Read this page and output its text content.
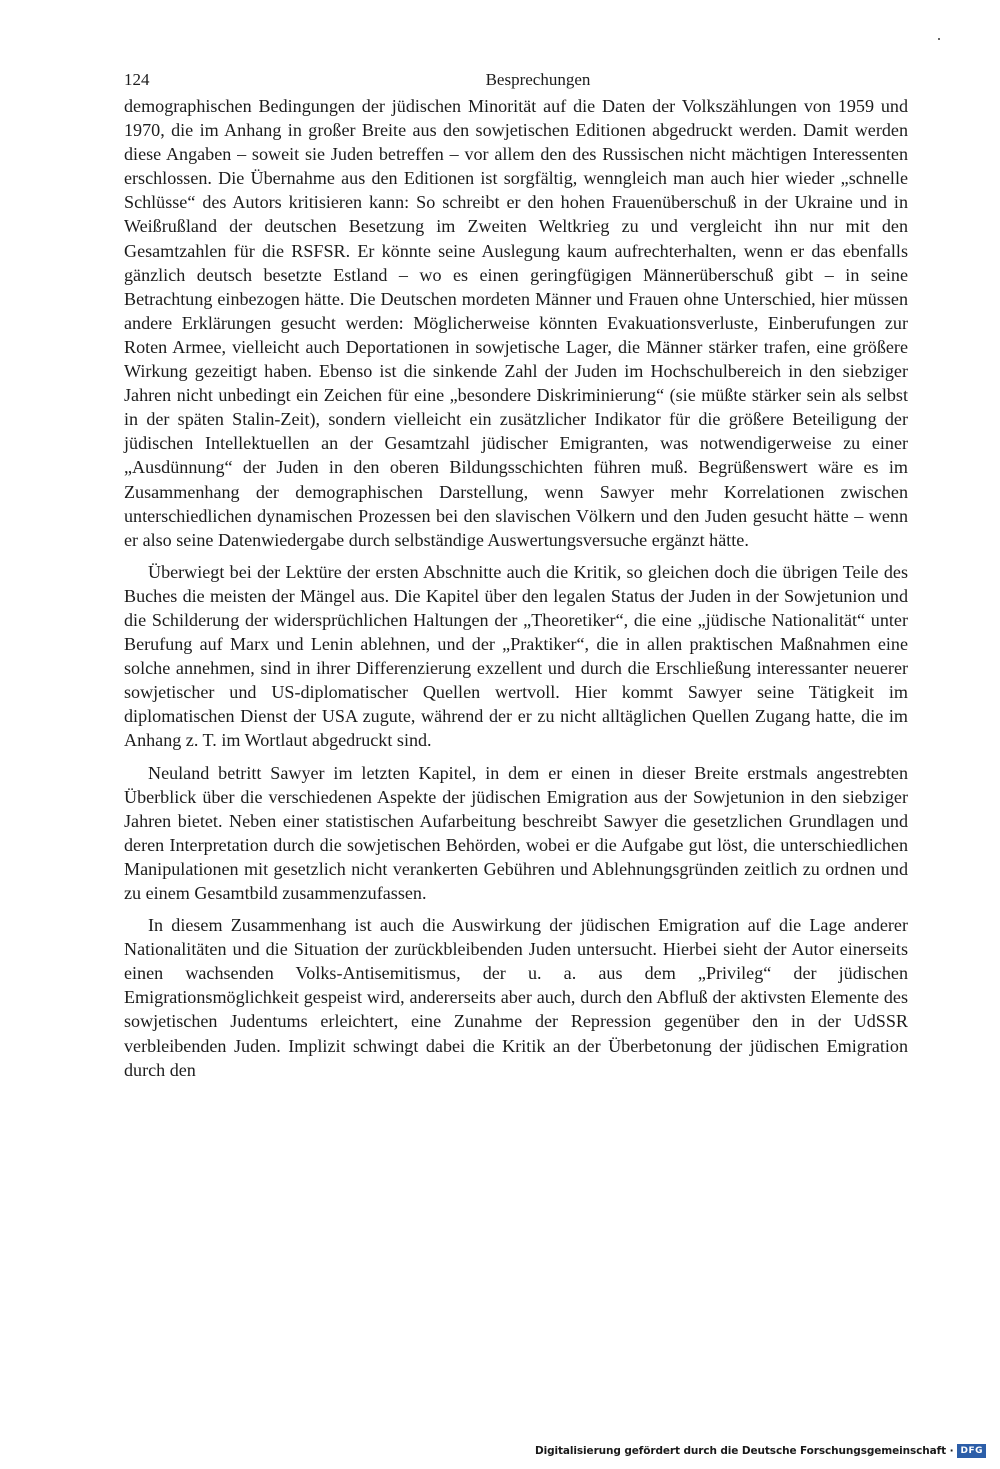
124	Besprechungen

demographischen Bedingungen der jüdischen Minorität auf die Daten der Volkszählungen von 1959 und 1970, die im Anhang in großer Breite aus den sowjetischen Editionen abgedruckt werden. Damit werden diese Angaben – soweit sie Juden betreffen – vor allem den des Russischen nicht mächtigen Interessenten erschlossen. Die Übernahme aus den Editionen ist sorgfältig, wenngleich man auch hier wieder „schnelle Schlüsse“ des Autors kritisieren kann: So schreibt er den hohen Frauenüberschuß in der Ukraine und in Weißrußland der deutschen Besetzung im Zweiten Weltkrieg zu und vergleicht ihn nur mit den Gesamtzahlen für die RSFSR. Er könnte seine Auslegung kaum aufrechterhalten, wenn er das ebenfalls gänzlich deutsch besetzte Estland – wo es einen geringfügigen Männerüberschuß gibt – in seine Betrachtung einbezogen hätte. Die Deutschen mordeten Männer und Frauen ohne Unterschied, hier müssen andere Erklärungen gesucht werden: Möglicherweise könnten Evakuationsverluste, Einberufungen zur Roten Armee, vielleicht auch Deportationen in sowjetische Lager, die Männer stärker trafen, eine größere Wirkung gezeitigt haben. Ebenso ist die sinkende Zahl der Juden im Hochschulbereich in den siebziger Jahren nicht unbedingt ein Zeichen für eine „besondere Diskriminierung“ (sie müßte stärker sein als selbst in der späten Stalin-Zeit), sondern vielleicht ein zusätzlicher Indikator für die größere Beteiligung der jüdischen Intellektuellen an der Gesamtzahl jüdischer Emigranten, was notwendigerweise zu einer „Ausdünnung“ der Juden in den oberen Bildungsschichten führen muß. Begrüßenswert wäre es im Zusammenhang der demographischen Darstellung, wenn Sawyer mehr Korrelationen zwischen unterschiedlichen dynamischen Prozessen bei den slavischen Völkern und den Juden gesucht hätte – wenn er also seine Datenwiedergabe durch selbständige Auswertungsversuche ergänzt hätte.

Überwiegt bei der Lektüre der ersten Abschnitte auch die Kritik, so gleichen doch die übrigen Teile des Buches die meisten der Mängel aus. Die Kapitel über den legalen Status der Juden in der Sowjetunion und die Schilderung der widersprüchlichen Haltungen der „Theoretiker“, die eine „jüdische Nationalität“ unter Berufung auf Marx und Lenin ablehnen, und der „Praktiker“, die in allen praktischen Maßnahmen eine solche annehmen, sind in ihrer Differenzierung exzellent und durch die Erschließung interessanter neuerer sowjetischer und US-diplomatischer Quellen wertvoll. Hier kommt Sawyer seine Tätigkeit im diplomatischen Dienst der USA zugute, während der er zu nicht alltäglichen Quellen Zugang hatte, die im Anhang z. T. im Wortlaut abgedruckt sind.

Neuland betritt Sawyer im letzten Kapitel, in dem er einen in dieser Breite erstmals angestrebten Überblick über die verschiedenen Aspekte der jüdischen Emigration aus der Sowjetunion in den siebziger Jahren bietet. Neben einer statistischen Aufarbeitung beschreibt Sawyer die gesetzlichen Grundlagen und deren Interpretation durch die sowjetischen Behörden, wobei er die Aufgabe gut löst, die unterschiedlichen Manipulationen mit gesetzlich nicht verankerten Gebühren und Ablehnungsgründen zeitlich zu ordnen und zu einem Gesamtbild zusammenzufassen.

In diesem Zusammenhang ist auch die Auswirkung der jüdischen Emigration auf die Lage anderer Nationalitäten und die Situation der zurückbleibenden Juden untersucht. Hierbei sieht der Autor einerseits einen wachsenden Volks-Antisemitismus, der u. a. aus dem „Privileg“ der jüdischen Emigrationsmöglichkeit gespeist wird, andererseits aber auch, durch den Abfluß der aktivsten Elemente des sowjetischen Judentums erleichtert, eine Zunahme der Repression gegenüber den in der UdSSR verbleibenden Juden. Implizit schwingt dabei die Kritik an der Überbetonung der jüdischen Emigration durch den

Digitalisierung gefördert durch die Deutsche Forschungsgemeinschaft · DFG
